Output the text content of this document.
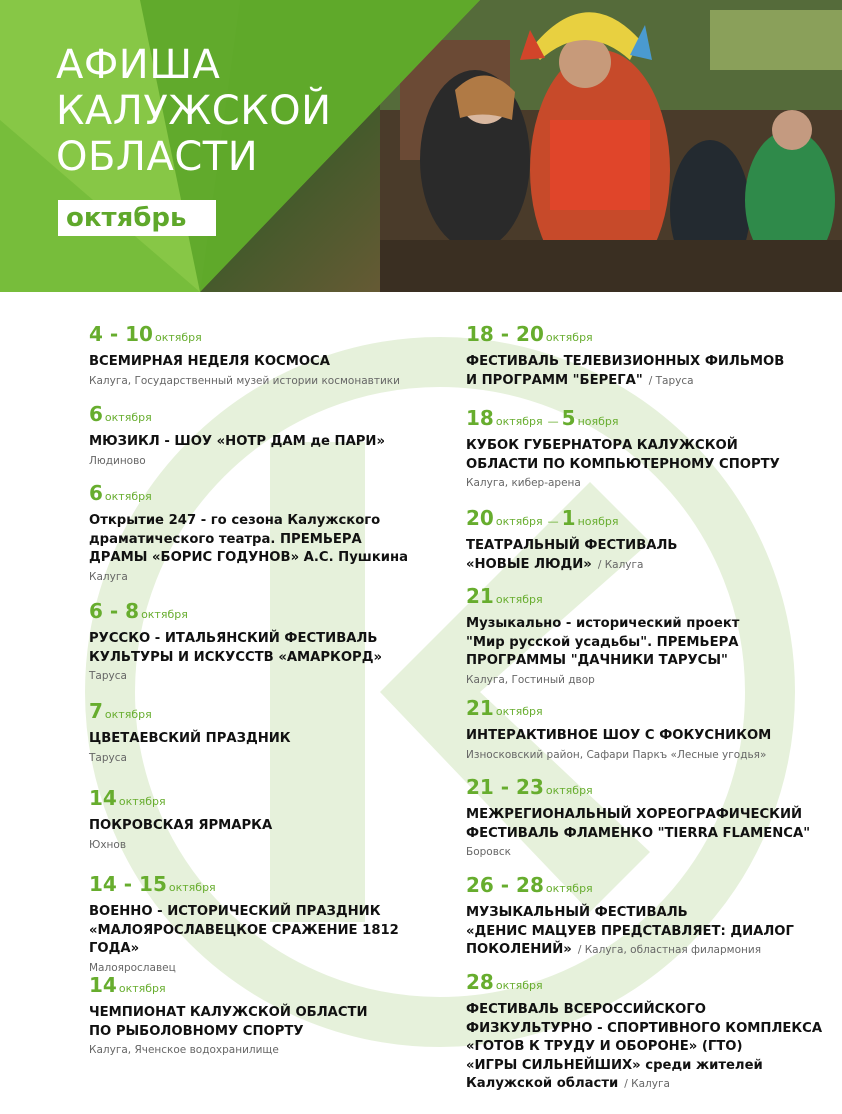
АФИША
КАЛУЖСКОЙ
ОБЛАСТИ
октябрь
4 - 10 октября
ВСЕМИРНАЯ НЕДЕЛЯ КОСМОСА
Калуга, Государственный музей истории космонавтики
6 октября
МЮЗИКЛ - ШОУ «НОТР ДАМ де ПАРИ»
Людиново
6 октября
Открытие 247 - го сезона Калужского
драматического театра. ПРЕМЬЕРА
ДРАМЫ «БОРИС ГОДУНОВ» А.С. Пушкина
Калуга
6 - 8 октября
РУССКО - ИТАЛЬЯНСКИЙ ФЕСТИВАЛЬ
КУЛЬТУРЫ И ИСКУССТВ «АМАРКОРД»
Таруса
7 октября
ЦВЕТАЕВСКИЙ ПРАЗДНИК
Таруса
14 октября
ПОКРОВСКАЯ ЯРМАРКА
Юхнов
14 - 15 октября
ВОЕННО - ИСТОРИЧЕСКИЙ ПРАЗДНИК
«МАЛОЯРОСЛАВЕЦКОЕ СРАЖЕНИЕ 1812 ГОДА»
Малоярославец
14 октября
ЧЕМПИОНАТ КАЛУЖСКОЙ ОБЛАСТИ
ПО РЫБОЛОВНОМУ СПОРТУ
Калуга, Яченское водохранилище
18 - 20 октября
ФЕСТИВАЛЬ ТЕЛЕВИЗИОННЫХ ФИЛЬМОВ
И ПРОГРАММ "БЕРЕГА" / Таруса
18 октября — 5 ноября
КУБОК ГУБЕРНАТОРА КАЛУЖСКОЙ
ОБЛАСТИ ПО КОМПЬЮТЕРНОМУ СПОРТУ
Калуга, кибер-арена
20 октября — 1 ноября
ТЕАТРАЛЬНЫЙ ФЕСТИВАЛЬ
«НОВЫЕ ЛЮДИ» / Калуга
21 октября
Музыкально - исторический проект
"Мир русской усадьбы". ПРЕМЬЕРА
ПРОГРАММЫ "ДАЧНИКИ ТАРУСЫ"
Калуга, Гостиный двор
21 октября
ИНТЕРАКТИВНОЕ ШОУ С ФОКУСНИКОМ
Износковский район, Сафари Паркъ «Лесные угодья»
21 - 23 октября
МЕЖРЕГИОНАЛЬНЫЙ ХОРЕОГРАФИЧЕСКИЙ
ФЕСТИВАЛЬ ФЛАМЕНКО "TIERRA FLAMENCA"
Боровск
26 - 28 октября
МУЗЫКАЛЬНЫЙ ФЕСТИВАЛЬ
«ДЕНИС МАЦУЕВ ПРЕДСТАВЛЯЕТ: ДИАЛОГ
ПОКОЛЕНИЙ» / Калуга, областная филармония
28 октября
ФЕСТИВАЛЬ ВСЕРОССИЙСКОГО
ФИЗКУЛЬТУРНО - СПОРТИВНОГО КОМПЛЕКСА
«ГОТОВ К ТРУДУ И ОБОРОНЕ» (ГТО)
«ИГРЫ СИЛЬНЕЙШИХ» среди жителей
Калужской области / Калуга
